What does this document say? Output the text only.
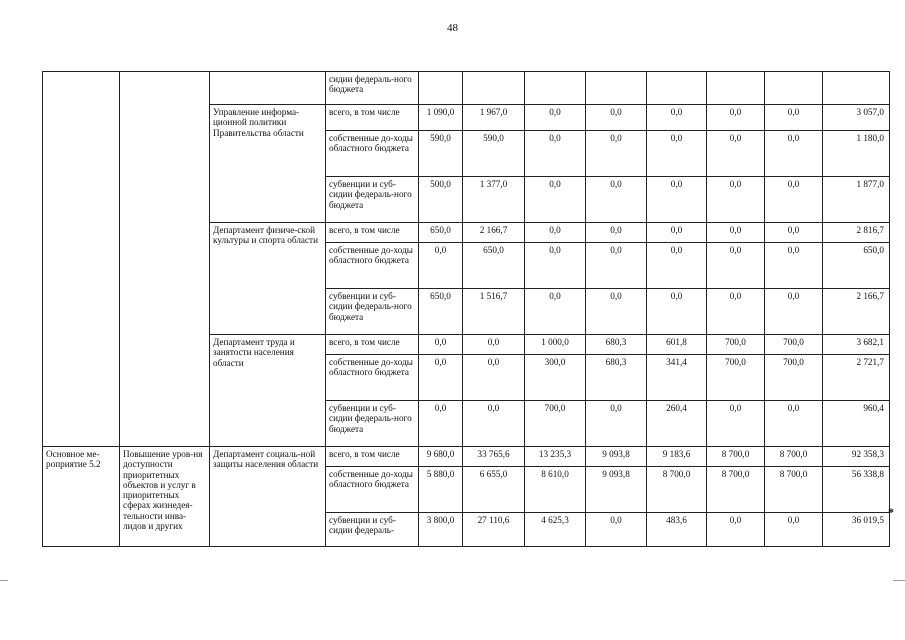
48
			сидии федераль-ного бюджета								
		Управление информа-ционной политики Правительства области	всего, в том числе	1 090,0	1 967,0	0,0	0,0	0,0	0,0	0,0	3 057,0
			собственные до-ходы областного бюджета	590,0	590,0	0,0	0,0	0,0	0,0	0,0	1 180,0
			субвенции и суб-сидии федераль-ного бюджета	500,0	1 377,0	0,0	0,0	0,0	0,0	0,0	1 877,0
		Департамент физиче-ской культуры и спорта области	всего, в том числе	650,0	2 166,7	0,0	0,0	0,0	0,0	0,0	2 816,7
			собственные до-ходы областного бюджета	0,0	650,0	0,0	0,0	0,0	0,0	0,0	650,0
			субвенции и суб-сидии федераль-ного бюджета	650,0	1 516,7	0,0	0,0	0,0	0,0	0,0	2 166,7
		Департамент труда и занятости населения области	всего, в том числе	0,0	0,0	1 000,0	680,3	601,8	700,0	700,0	3 682,1
			собственные до-ходы областного бюджета	0,0	0,0	300,0	680,3	341,4	700,0	700,0	2 721,7
			субвенции и суб-сидии федераль-ного бюджета	0,0	0,0	700,0	0,0	260,4	0,0	0,0	960,4
Основное ме-роприятие 5.2	Повышение уров-ня доступности приоритетных объектов и услуг в приоритетных сферах жизнедея-тельности инва-лидов и других	Департамент социаль-ной защиты населения области	всего, в том числе	9 680,0	33 765,6	13 235,3	9 093,8	9 183,6	8 700,0	8 700,0	92 358,3
			собственные до-ходы областного бюджета	5 880,0	6 655,0	8 610,0	9 093,8	8 700,0	8 700,0	8 700,0	56 338,8
			субвенции и суб-сидии федераль-	3 800,0	27 110,6	4 625,3	0,0	483,6	0,0	0,0	36 019,5
*
